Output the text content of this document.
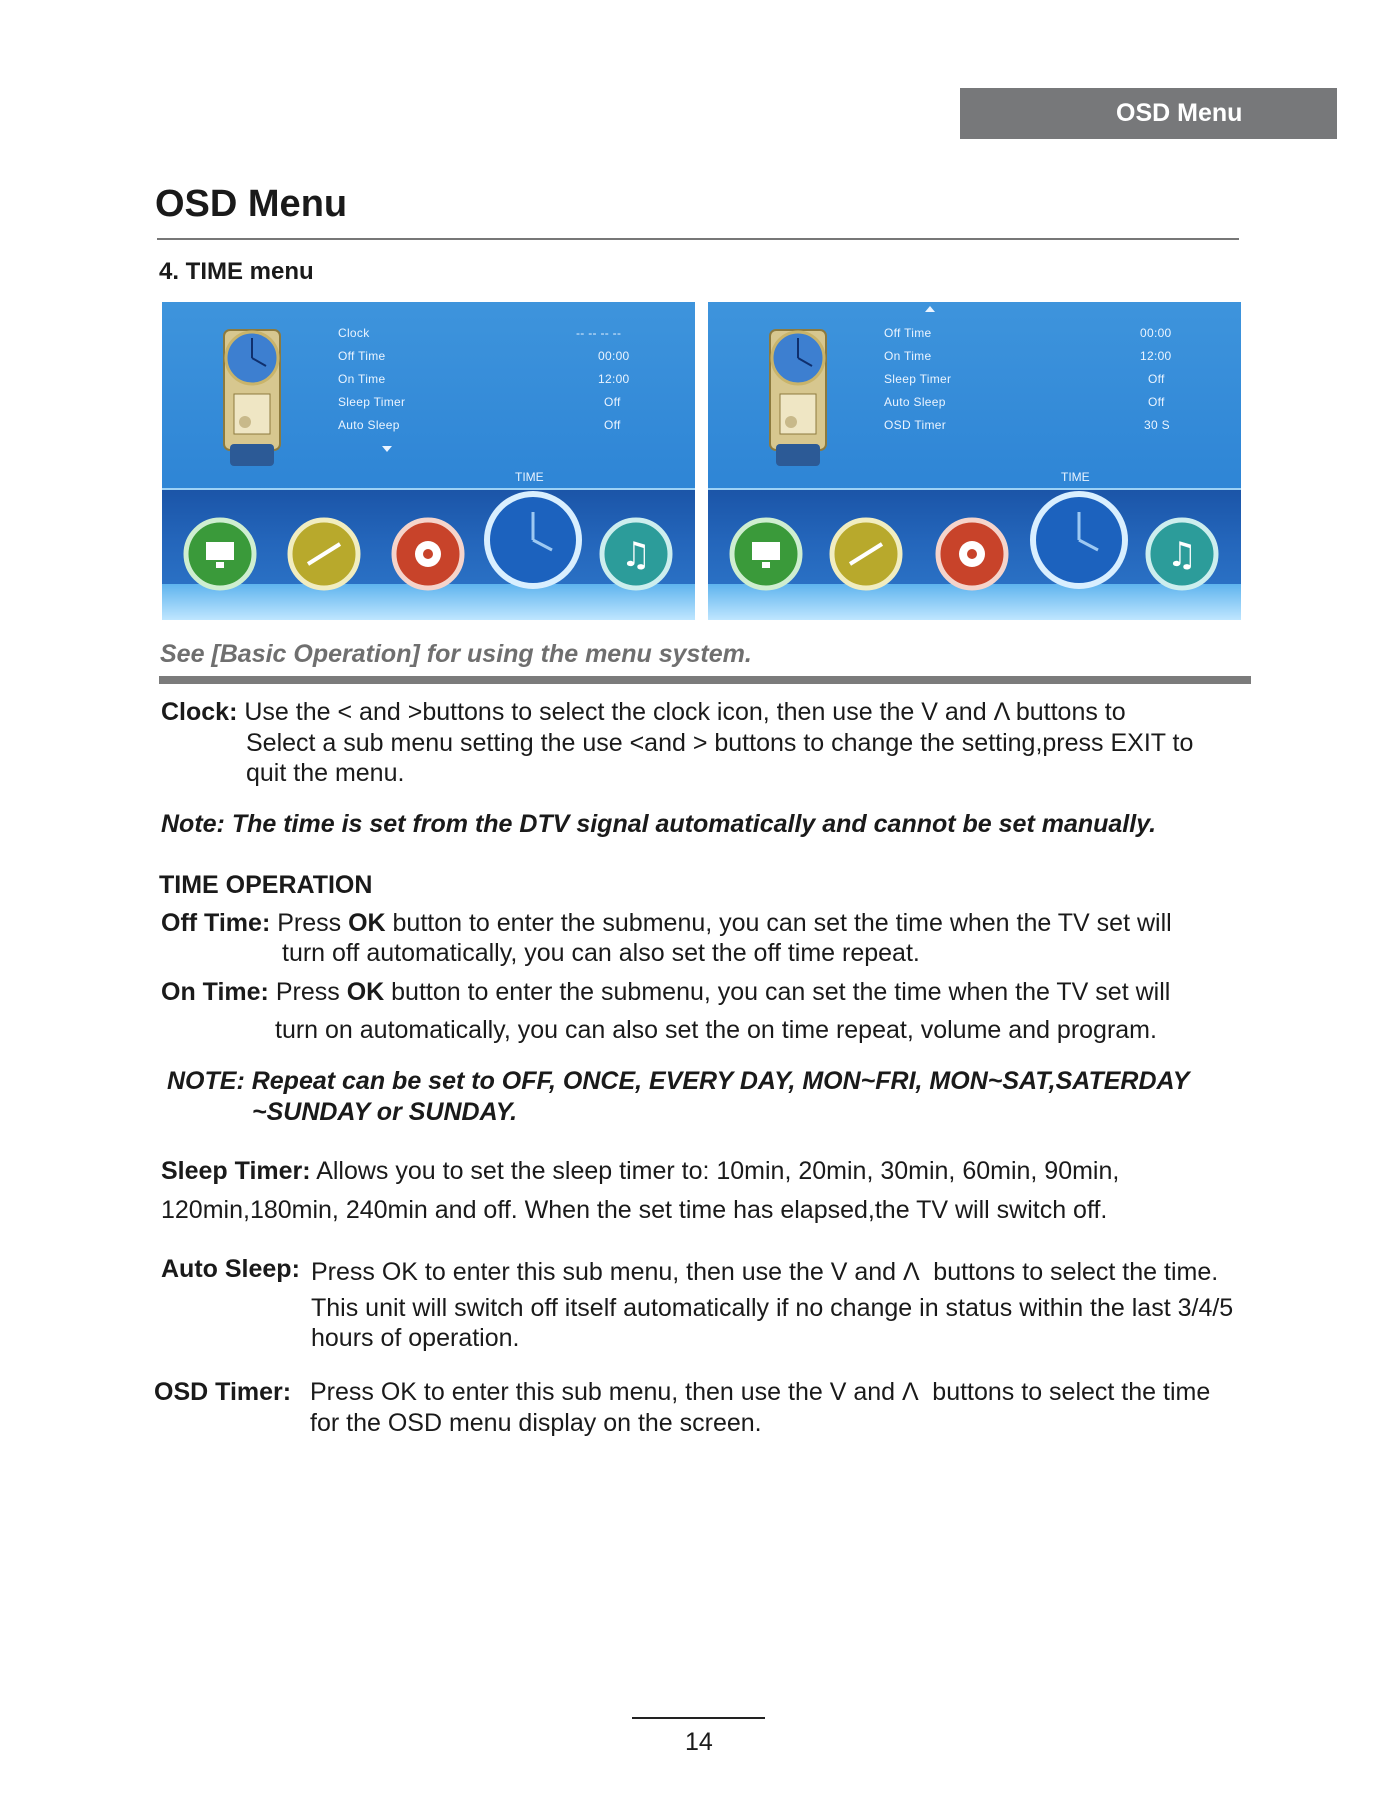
OSD Menu
OSD Menu
4. TIME menu
Clock	-- -- -- --
Off Time	00:00
On Time	12:00
Sleep Timer	Off
Auto Sleep	Off
TIME
♫
Off Time	00:00
On Time	12:00
Sleep Timer	Off
Auto Sleep	Off
OSD Timer	30 S
TIME
♫
See [Basic Operation] for using the menu system.
Clock: Use the < and >buttons to select the clock icon, then use the V and Λ buttons to
Select a sub menu setting the use <and > buttons to change the setting,press EXIT to
quit the menu.
Note: The time is set from the DTV signal automatically and cannot be set manually.
TIME OPERATION
Off Time: Press OK button to enter the submenu, you can set the time when the TV set will
turn off automatically, you can also set the off time repeat.
On Time: Press OK button to enter the submenu, you can set the time when the TV set will
turn on automatically, you can also set the on time repeat, volume and program.
NOTE: Repeat can be set to OFF, ONCE, EVERY DAY, MON~FRI, MON~SAT,SATERDAY
~SUNDAY or SUNDAY.
Sleep Timer: Allows you to set the sleep timer to: 10min, 20min, 30min, 60min, 90min,
120min,180min, 240min and off. When the set time has elapsed,the TV will switch off.
Auto Sleep: Press OK to enter this sub menu, then use the V and Λ buttons to select the time.
This unit will switch off itself automatically if no change in status within the last 3/4/5
hours of operation.
OSD Timer: Press OK to enter this sub menu, then use the V and Λ buttons to select the time
for the OSD menu display on the screen.
14
